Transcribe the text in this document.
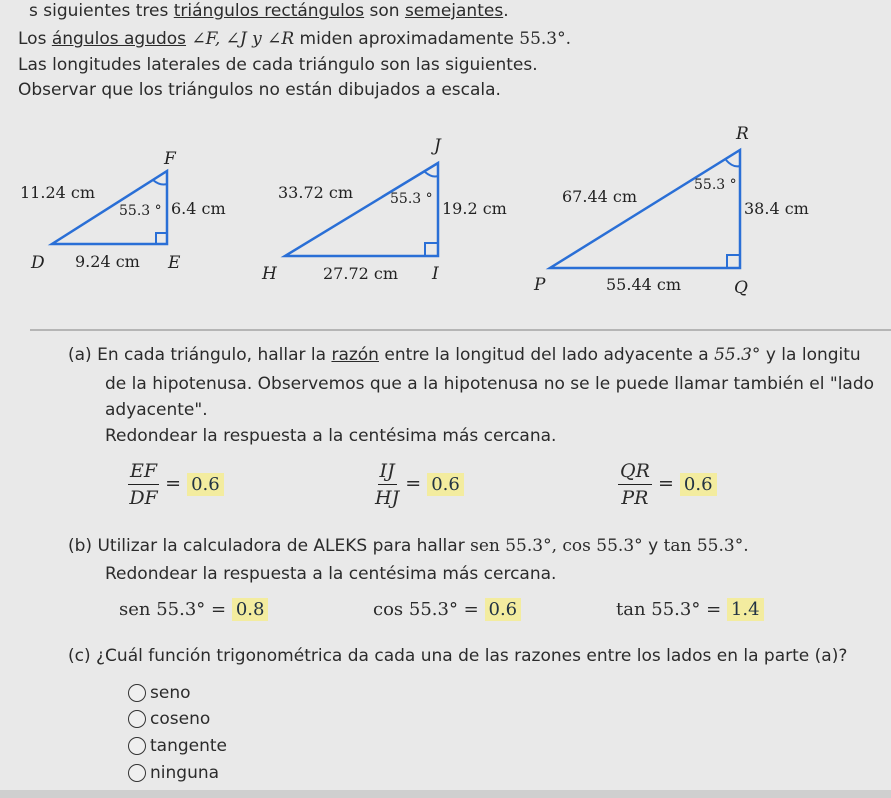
s siguientes tres triángulos rectángulos son semejantes.
Los ángulos agudos ∠F, ∠J y ∠R miden aproximadamente 55.3°.
Las longitudes laterales de cada triángulo son las siguientes.
Observar que los triángulos no están dibujados a escala.
F
D	E
11.24 cm
6.4 cm
9.24 cm
55.3 °
J
H	I
33.72 cm
19.2 cm
27.72 cm
55.3 °
R
P	Q
67.44 cm
38.4 cm
55.44 cm
55.3 °
(a) En cada triángulo, hallar la razón entre la longitud del lado adyacente a 55.3° y la longitu
de la hipotenusa. Observemos que a la hipotenusa no se le puede llamar también el "lado
adyacente".
Redondear la respuesta a la centésima más cercana.
$\frac{EF}{DF} = 0.6$	$\frac{IJ}{HJ} = 0.6$	$\frac{QR}{PR} = 0.6$
(b) Utilizar la calculadora de ALEKS para hallar sen 55.3°, cos 55.3° y tan 55.3°.
Redondear la respuesta a la centésima más cercana.
sen 55.3° = 0.8	cos 55.3° = 0.6	tan 55.3° = 1.4
(c) ¿Cuál función trigonométrica da cada una de las razones entre los lados en la parte (a)?
seno
coseno
tangente
ninguna
